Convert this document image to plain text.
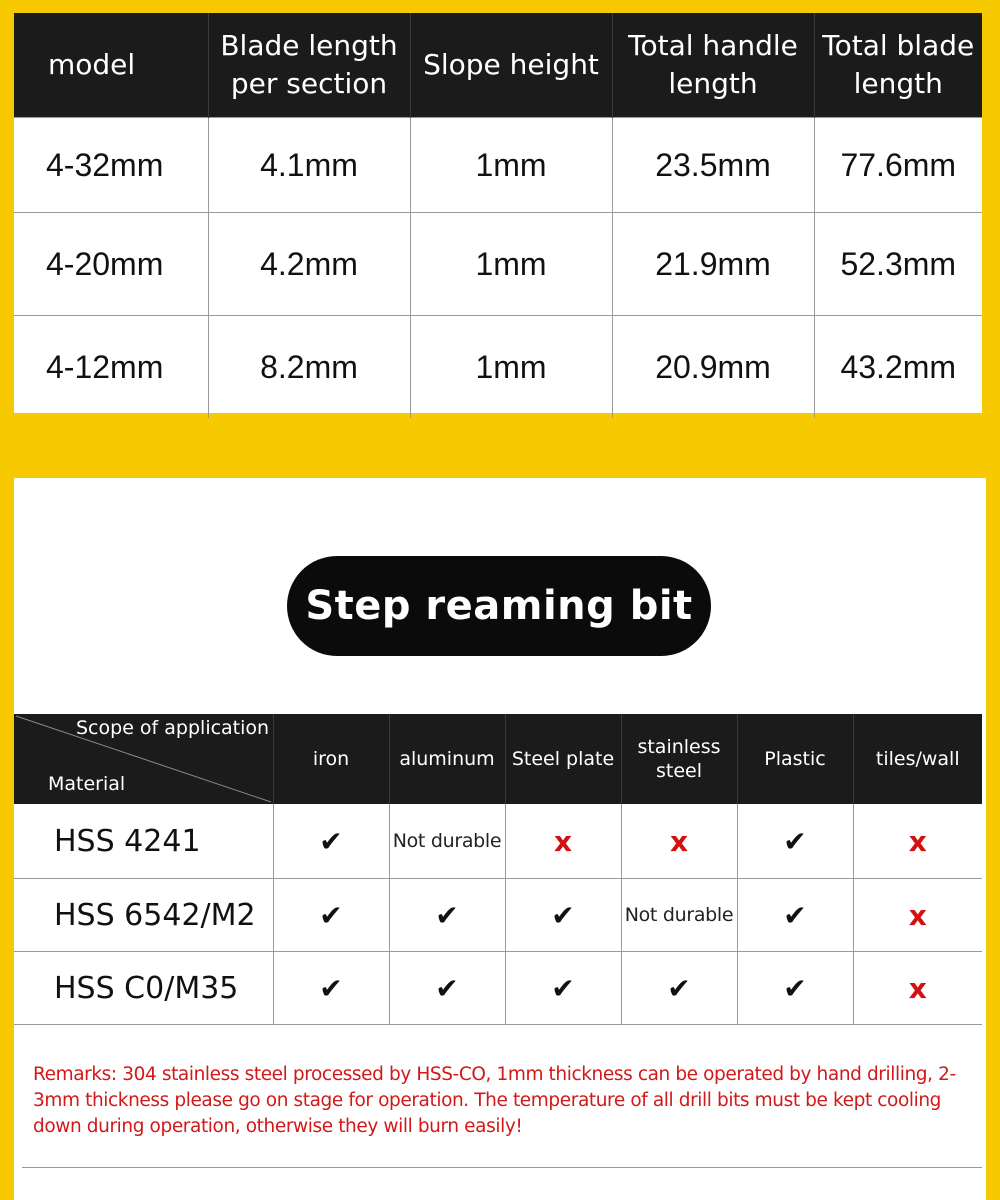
model	Blade length per section	Slope height	Total handle length	Total blade length
4-32mm	4.1mm	1mm	23.5mm	77.6mm
4-20mm	4.2mm	1mm	21.9mm	52.3mm
4-12mm	8.2mm	1mm	20.9mm	43.2mm
Step reaming bit
Scope of application
Material	iron	aluminum	Steel plate	stainless steel	Plastic	tiles/wall
HSS 4241	✔	Not durable	x	x	✔	x
HSS 6542/M2	✔	✔	✔	Not durable	✔	x
HSS C0/M35	✔	✔	✔	✔	✔	x
Remarks: 304 stainless steel processed by HSS-CO, 1mm thickness can be operated by hand drilling, 2-3mm thickness please go on stage for operation. The temperature of all drill bits must be kept cooling down during operation, otherwise they will burn easily!
